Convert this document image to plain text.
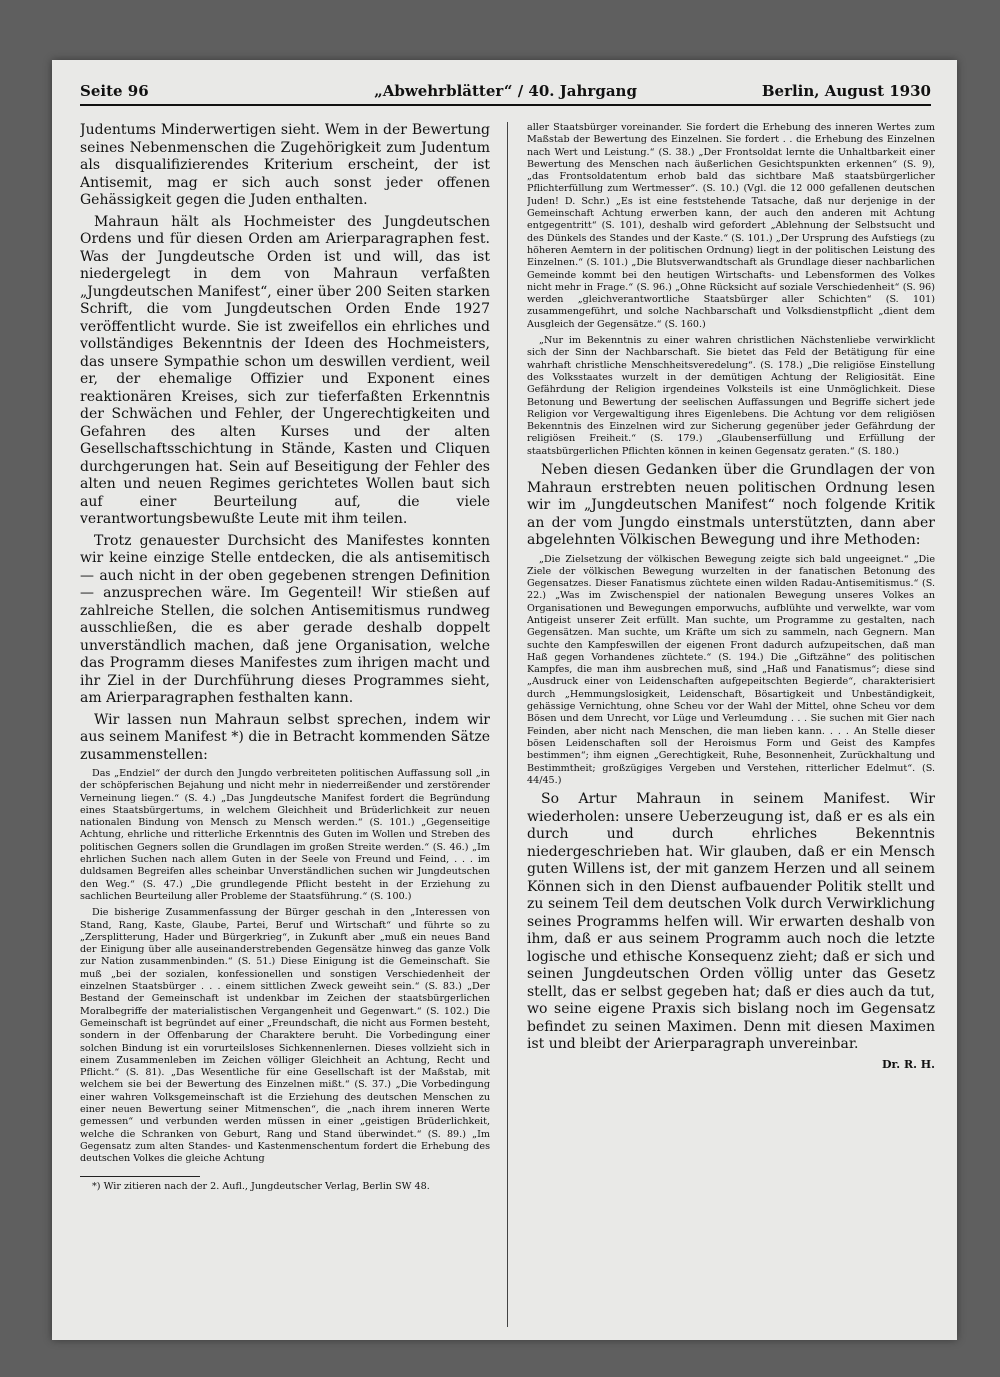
Seite 96	„Abwehrblätter“ / 40. Jahrgang	Berlin, August 1930

Judentums Minderwertigen sieht. Wem in der Bewertung seines Nebenmenschen die Zugehörigkeit zum Judentum als disqualifizierendes Kriterium erscheint, der ist Antisemit, mag er sich auch sonst jeder offenen Gehässigkeit gegen die Juden enthalten.

Mahraun hält als Hochmeister des Jungdeutschen Ordens und für diesen Orden am Arierparagraphen fest. Was der Jungdeutsche Orden ist und will, das ist niedergelegt in dem von Mahraun verfaßten „Jungdeutschen Manifest“, einer über 200 Seiten starken Schrift, die vom Jungdeutschen Orden Ende 1927 veröffentlicht wurde. Sie ist zweifellos ein ehrliches und vollständiges Bekenntnis der Ideen des Hochmeisters, das unsere Sympathie schon um deswillen verdient, weil er, der ehemalige Offizier und Exponent eines reaktionären Kreises, sich zur tieferfaßten Erkenntnis der Schwächen und Fehler, der Ungerechtigkeiten und Gefahren des alten Kurses und der alten Gesellschaftsschichtung in Stände, Kasten und Cliquen durchgerungen hat. Sein auf Beseitigung der Fehler des alten und neuen Regimes gerichtetes Wollen baut sich auf einer Beurteilung auf, die viele verantwortungsbewußte Leute mit ihm teilen.

Trotz genauester Durchsicht des Manifestes konnten wir keine einzige Stelle entdecken, die als antisemitisch — auch nicht in der oben gegebenen strengen Definition — anzusprechen wäre. Im Gegenteil! Wir stießen auf zahlreiche Stellen, die solchen Antisemitismus rundweg ausschließen, die es aber gerade deshalb doppelt unverständlich machen, daß jene Organisation, welche das Programm dieses Manifestes zum ihrigen macht und ihr Ziel in der Durchführung dieses Programmes sieht, am Arierparagraphen festhalten kann.

Wir lassen nun Mahraun selbst sprechen, indem wir aus seinem Manifest *) die in Betracht kommenden Sätze zusammenstellen:

Das „Endziel“ der durch den Jungdo verbreiteten politischen Auffassung soll „in der schöpferischen Bejahung und nicht mehr in niederreißender und zerstörender Verneinung liegen.“ (S. 4.) „Das Jungdeutsche Manifest fordert die Begründung eines Staatsbürgertums, in welchem Gleichheit und Brüderlichkeit zur neuen nationalen Bindung von Mensch zu Mensch werden.“ (S. 101.) „Gegenseitige Achtung, ehrliche und ritterliche Erkenntnis des Guten im Wollen und Streben des politischen Gegners sollen die Grundlagen im großen Streite werden.“ (S. 46.) „Im ehrlichen Suchen nach allem Guten in der Seele von Freund und Feind, . . . im duldsamen Begreifen alles scheinbar Unverständlichen suchen wir Jungdeutschen den Weg.“ (S. 47.) „Die grundlegende Pflicht besteht in der Erziehung zu sachlichen Beurteilung aller Probleme der Staatsführung.“ (S. 100.)

Die bisherige Zusammenfassung der Bürger geschah in den „Interessen von Stand, Rang, Kaste, Glaube, Partei, Beruf und Wirtschaft“ und führte so zu „Zersplitterung, Hader und Bürgerkrieg“, in Zukunft aber „muß ein neues Band der Einigung über alle auseinanderstrebenden Gegensätze hinweg das ganze Volk zur Nation zusammenbinden.“ (S. 51.) Diese Einigung ist die Gemeinschaft. Sie muß „bei der sozialen, konfessionellen und sonstigen Verschiedenheit der einzelnen Staatsbürger . . . einem sittlichen Zweck geweiht sein.“ (S. 83.) „Der Bestand der Gemeinschaft ist undenkbar im Zeichen der staatsbürgerlichen Moralbegriffe der materialistischen Vergangenheit und Gegenwart.“ (S. 102.) Die Gemeinschaft ist begründet auf einer „Freundschaft, die nicht aus Formen besteht, sondern in der Offenbarung der Charaktere beruht. Die Vorbedingung einer solchen Bindung ist ein vorurteilsloses Sichkennenlernen. Dieses vollzieht sich in einem Zusammenleben im Zeichen völliger Gleichheit an Achtung, Recht und Pflicht.“ (S. 81). „Das Wesentliche für eine Gesellschaft ist der Maßstab, mit welchem sie bei der Bewertung des Einzelnen mißt.“ (S. 37.) „Die Vorbedingung einer wahren Volksgemeinschaft ist die Erziehung des deutschen Menschen zu einer neuen Bewertung seiner Mitmenschen“, die „nach ihrem inneren Werte gemessen“ und verbunden werden müssen in einer „geistigen Brüderlichkeit, welche die Schranken von Geburt, Rang und Stand überwindet.“ (S. 89.) „Im Gegensatz zum alten Standes- und Kastenmenschentum fordert die Erhebung des deutschen Volkes die gleiche Achtung

*) Wir zitieren nach der 2. Aufl., Jungdeutscher Verlag, Berlin SW 48.

aller Staatsbürger voreinander. Sie fordert die Erhebung des inneren Wertes zum Maßstab der Bewertung des Einzelnen. Sie fordert . . die Erhebung des Einzelnen nach Wert und Leistung.“ (S. 38.) „Der Frontsoldat lernte die Unhaltbarkeit einer Bewertung des Menschen nach äußerlichen Gesichtspunkten erkennen“ (S. 9), „das Frontsoldatentum erhob bald das sichtbare Maß staatsbürgerlicher Pflichterfüllung zum Wertmesser“. (S. 10.) (Vgl. die 12 000 gefallenen deutschen Juden! D. Schr.) „Es ist eine feststehende Tatsache, daß nur derjenige in der Gemeinschaft Achtung erwerben kann, der auch den anderen mit Achtung entgegentritt“ (S. 101), deshalb wird gefordert „Ablehnung der Selbstsucht und des Dünkels des Standes und der Kaste.“ (S. 101.) „Der Ursprung des Aufstiegs (zu höheren Aemtern in der politischen Ordnung) liegt in der politischen Leistung des Einzelnen.“ (S. 101.) „Die Blutsverwandtschaft als Grundlage dieser nachbarlichen Gemeinde kommt bei den heutigen Wirtschafts- und Lebensformen des Volkes nicht mehr in Frage.“ (S. 96.) „Ohne Rücksicht auf soziale Verschiedenheit“ (S. 96) werden „gleichverantwortliche Staatsbürger aller Schichten“ (S. 101) zusammengeführt, und solche Nachbarschaft und Volksdienstpflicht „dient dem Ausgleich der Gegensätze.“ (S. 160.)

„Nur im Bekenntnis zu einer wahren christlichen Nächstenliebe verwirklicht sich der Sinn der Nachbarschaft. Sie bietet das Feld der Betätigung für eine wahrhaft christliche Menschheitsveredelung“. (S. 178.) „Die religiöse Einstellung des Volksstaates wurzelt in der demütigen Achtung der Religiosität. Eine Gefährdung der Religion irgendeines Volksteils ist eine Unmöglichkeit. Diese Betonung und Bewertung der seelischen Auffassungen und Begriffe sichert jede Religion vor Vergewaltigung ihres Eigenlebens. Die Achtung vor dem religiösen Bekenntnis des Einzelnen wird zur Sicherung gegenüber jeder Gefährdung der religiösen Freiheit.“ (S. 179.) „Glaubenserfüllung und Erfüllung der staatsbürgerlichen Pflichten können in keinen Gegensatz geraten.“ (S. 180.)

Neben diesen Gedanken über die Grundlagen der von Mahraun erstrebten neuen politischen Ordnung lesen wir im „Jungdeutschen Manifest“ noch folgende Kritik an der vom Jungdo einstmals unterstützten, dann aber abgelehnten Völkischen Bewegung und ihre Methoden:

„Die Zielsetzung der völkischen Bewegung zeigte sich bald ungeeignet.“ „Die Ziele der völkischen Bewegung wurzelten in der fanatischen Betonung des Gegensatzes. Dieser Fanatismus züchtete einen wilden Radau-Antisemitismus.“ (S. 22.) „Was im Zwischenspiel der nationalen Bewegung unseres Volkes an Organisationen und Bewegungen emporwuchs, aufblühte und verwelkte, war vom Antigeist unserer Zeit erfüllt. Man suchte, um Programme zu gestalten, nach Gegensätzen. Man suchte, um Kräfte um sich zu sammeln, nach Gegnern. Man suchte den Kampfeswillen der eigenen Front dadurch aufzupeitschen, daß man Haß gegen Vorhandenes züchtete.“ (S. 194.) Die „Giftzähne“ des politischen Kampfes, die man ihm ausbrechen muß, sind „Haß und Fanatismus“; diese sind „Ausdruck einer von Leidenschaften aufgepeitschten Begierde“, charakterisiert durch „Hemmungslosigkeit, Leidenschaft, Bösartigkeit und Unbeständigkeit, gehässige Vernichtung, ohne Scheu vor der Wahl der Mittel, ohne Scheu vor dem Bösen und dem Unrecht, vor Lüge und Verleumdung . . . Sie suchen mit Gier nach Feinden, aber nicht nach Menschen, die man lieben kann. . . . An Stelle dieser bösen Leidenschaften soll der Heroismus Form und Geist des Kampfes bestimmen“; ihm eignen „Gerechtigkeit, Ruhe, Besonnenheit, Zurückhaltung und Bestimmtheit; großzügiges Vergeben und Verstehen, ritterlicher Edelmut“. (S. 44/45.)

So Artur Mahraun in seinem Manifest. Wir wiederholen: unsere Ueberzeugung ist, daß er es als ein durch und durch ehrliches Bekenntnis niedergeschrieben hat. Wir glauben, daß er ein Mensch guten Willens ist, der mit ganzem Herzen und all seinem Können sich in den Dienst aufbauender Politik stellt und zu seinem Teil dem deutschen Volk durch Verwirklichung seines Programms helfen will. Wir erwarten deshalb von ihm, daß er aus seinem Programm auch noch die letzte logische und ethische Konsequenz zieht; daß er sich und seinen Jungdeutschen Orden völlig unter das Gesetz stellt, das er selbst gegeben hat; daß er dies auch da tut, wo seine eigene Praxis sich bislang noch im Gegensatz befindet zu seinen Maximen. Denn mit diesen Maximen ist und bleibt der Arierparagraph unvereinbar.

Dr. R. H.
